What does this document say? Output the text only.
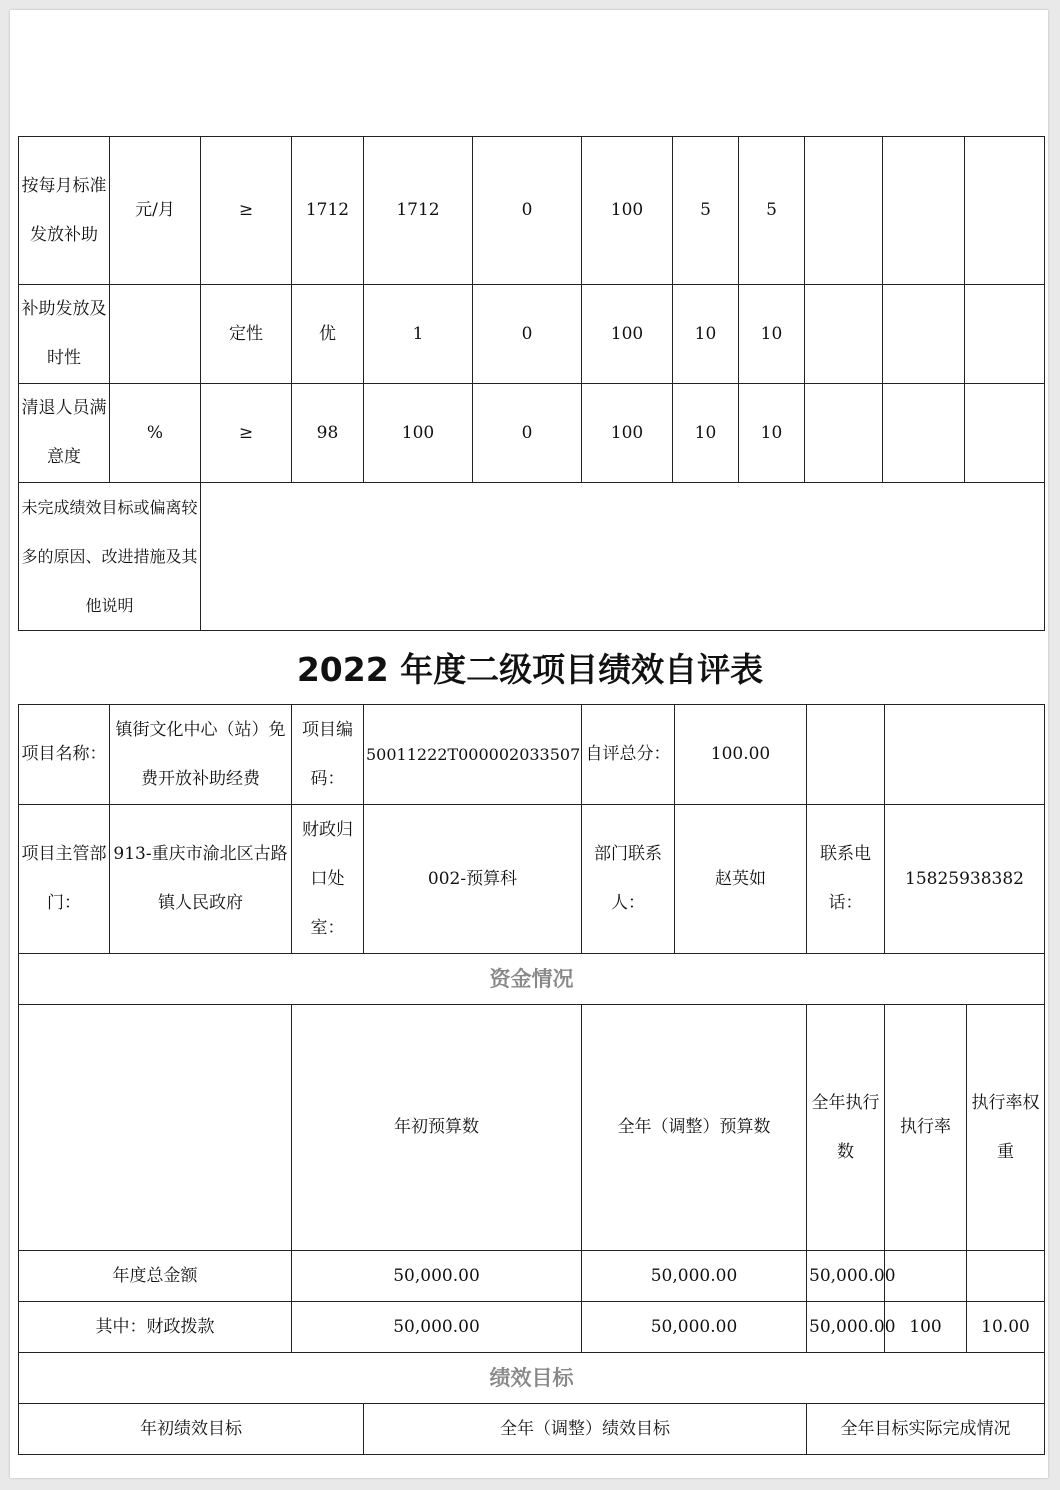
按每月标准发放补助	元/月	≥	1712	1712	0	100	5	5			
补助发放及时性		定性	优	1	0	100	10	10			
清退人员满意度	%	≥	98	100	0	100	10	10			
未完成绩效目标或偏离较多的原因、改进措施及其他说明											
2022 年度二级项目绩效自评表
项目名称：	镇街文化中心（站）免费开放补助经费	项目编码：	50011222T000002033507	自评总分：	100.00				
项目主管部门：	913-重庆市渝北区古路镇人民政府	财政归口处室：	002-预算科	部门联系人：	赵英如	联系电话：	15825938382		
资金情况									
		年初预算数		全年（调整）预算数		全年执行数	执行率	执行率权重	
年度总金额		50,000.00		50,000.00		50,000.00			
其中：财政拨款		50,000.00		50,000.00		50,000.00	100	10.00	
绩效目标									
年初绩效目标			全年（调整）绩效目标			全年目标实际完成情况			
